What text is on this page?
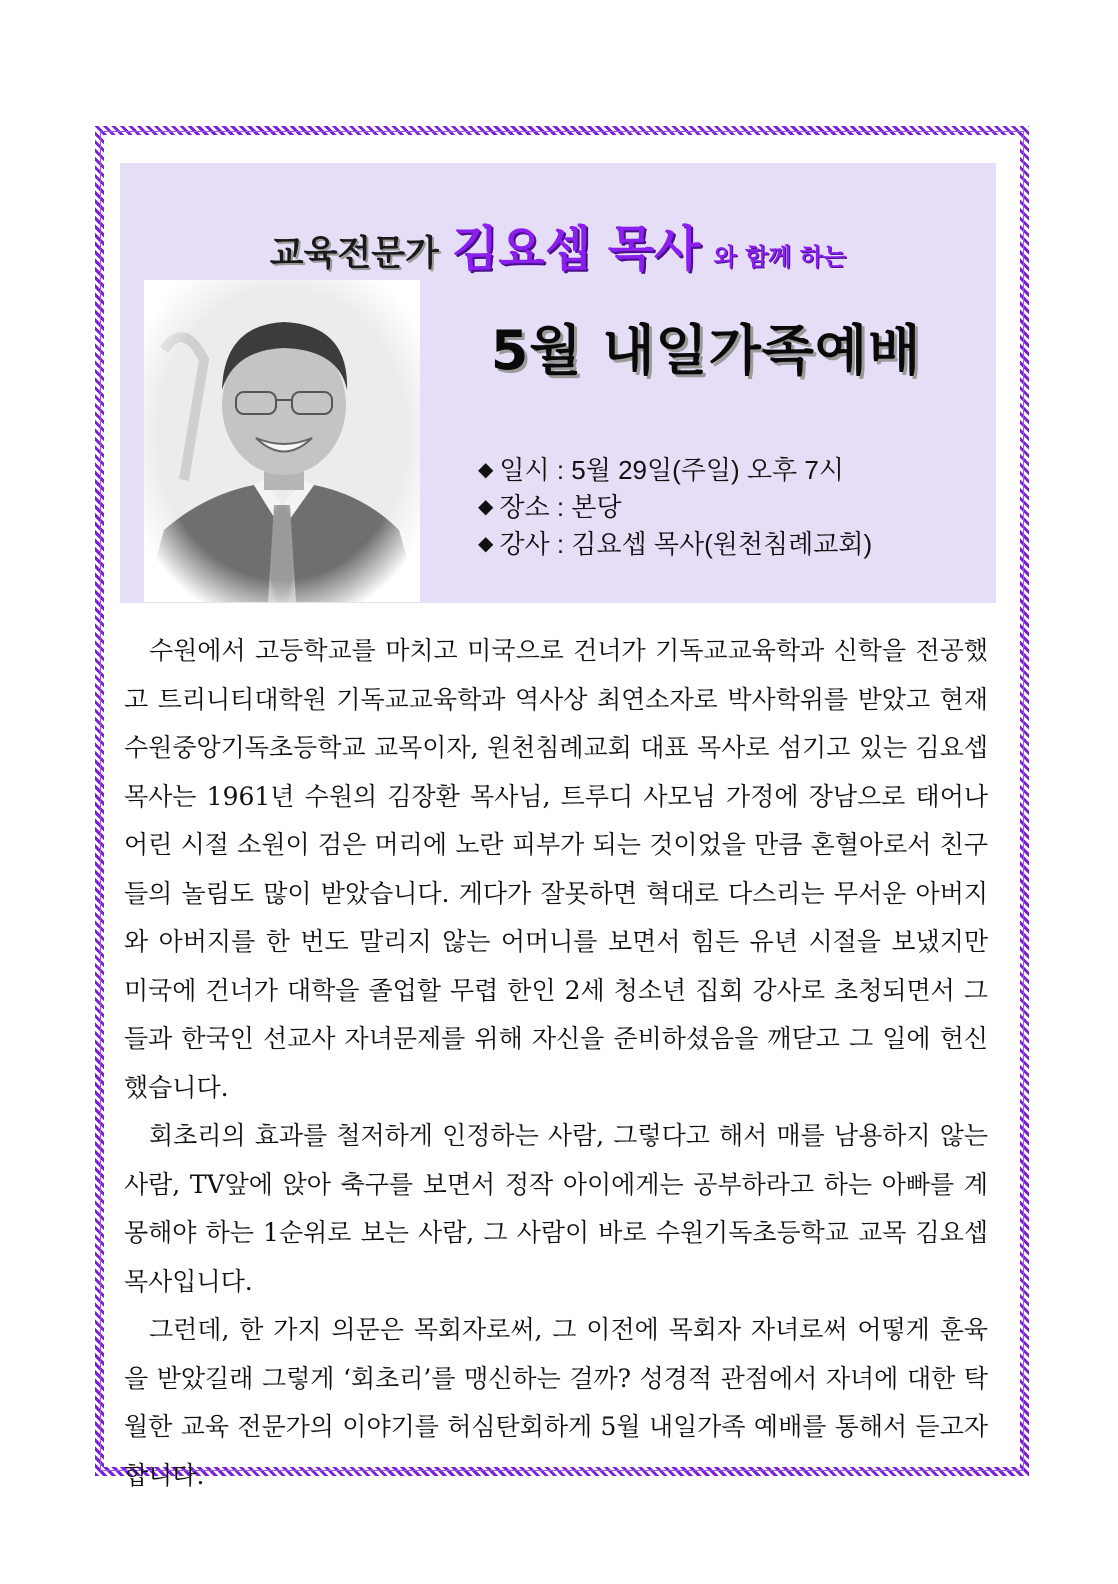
교육전문가 김요셉 목사 와 함께 하는
5월 내일가족예배
◆ 일시 : 5월 29일(주일) 오후 7시
◆ 장소 : 본당
◆ 강사 : 김요셉 목사(원천침례교회)

수원에서 고등학교를 마치고 미국으로 건너가 기독교교육학과 신학을 전공했고 트리니티대학원 기독교교육학과 역사상 최연소자로 박사학위를 받았고 현재 수원중앙기독초등학교 교목이자, 원천침례교회 대표 목사로 섬기고 있는 김요셉 목사는 1961년 수원의 김장환 목사님, 트루디 사모님 가정에 장남으로 태어나 어린 시절 소원이 검은 머리에 노란 피부가 되는 것이었을 만큼 혼혈아로서 친구들의 놀림도 많이 받았습니다. 게다가 잘못하면 혁대로 다스리는 무서운 아버지와 아버지를 한 번도 말리지 않는 어머니를 보면서 힘든 유년 시절을 보냈지만 미국에 건너가 대학을 졸업할 무렵 한인 2세 청소년 집회 강사로 초청되면서 그들과 한국인 선교사 자녀문제를 위해 자신을 준비하셨음을 깨닫고 그 일에 헌신했습니다.

회초리의 효과를 철저하게 인정하는 사람, 그렇다고 해서 매를 남용하지 않는 사람, TV앞에 앉아 축구를 보면서 정작 아이에게는 공부하라고 하는 아빠를 계몽해야 하는 1순위로 보는 사람, 그 사람이 바로 수원기독초등학교 교목 김요셉 목사입니다.

그런데, 한 가지 의문은 목회자로써, 그 이전에 목회자 자녀로써 어떻게 훈육을 받았길래 그렇게 ‘회초리’를 맹신하는 걸까? 성경적 관점에서 자녀에 대한 탁월한 교육 전문가의 이야기를 허심탄회하게 5월 내일가족 예배를 통해서 듣고자 합니다.
